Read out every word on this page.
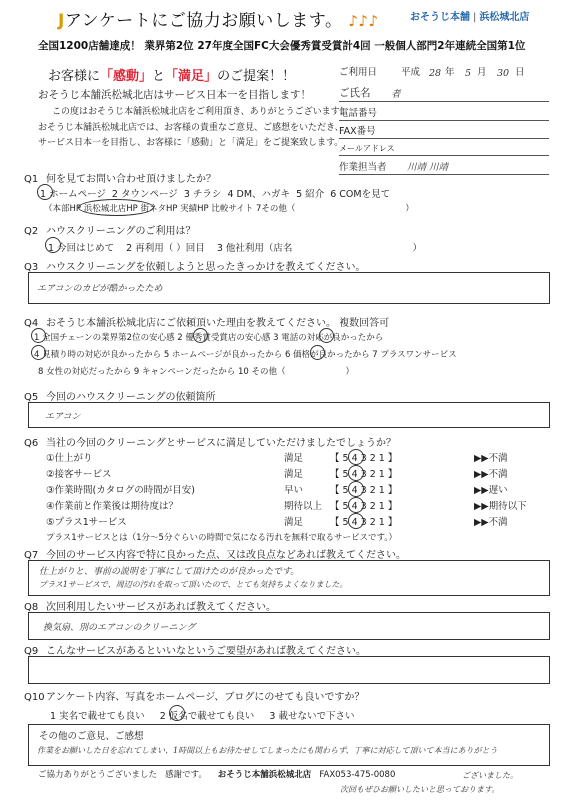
Jアンケートにご協力お願いします。 ♪♪♪	おそうじ本舗 | 浜松城北店
全国1200店舗達成！ 業界第2位 27年度全国FC大会優秀賞受賞計4回 一般個人部門2年連続全国第1位
お客様に「感動」と「満足」のご提案！！
おそうじ本舗浜松城北店はサービス日本一を目指します！
この度はおそうじ本舗浜松城北店をご利用頂き、ありがとうございます！
おそうじ本舗浜松城北店では、お客様の貴重なご意見、ご感想をいただき、
サービス日本一を目指し、お客様に「感動」と「満足」をご提案致します。
ご利用日	平成 28 年 5 月 30 日
ご氏名 者
電話番号
FAX番号
メールアドレス
作業担当者 川靖 川靖
Q1 何を見てお問い合わせ頂けましたか？
1 ホームページ 2 タウンページ 3 チラシ 4 DM、ハガキ 5 紹介 6 COMを見て
（本部HP 浜松城北店HP 街ネタHP 実績HP 比較サイト 7その他（	）
Q2 ハウスクリーニングのご利用は？
1 今回はじめて 2 再利用（ ）回目 3 他社利用（店名	）
Q3 ハウスクリーニングを依頼しようと思ったきっかけを教えてください。
エアコンのカビが酷かったため
Q4 おそうじ本舗浜松城北店にご依頼頂いた理由を教えてください。 複数回答可
1 全国チェーンの業界第2位の安心感 2 優秀賞受賞店の安心感 3 電話の対応が良かったから
4 見積り時の対応が良かったから 5 ホームページが良かったから 6 価格が良かったから 7 プラスワンサービス
8 女性の対応だったから 9 キャンペーンだったから 10 その他（	）
Q5 今回のハウスクリーニングの依頼箇所
エアコン
Q6 当社の今回のクリーニングとサービスに満足していただけましたでしょうか？
①仕上がり	満足	【 5 4 3 2 1 】	▶▶不満
②接客サービス	満足	【 5 4 3 2 1 】	▶▶不満
③作業時間(カタログの時間が目安)	早い	【 5 4 3 2 1 】	▶▶遅い
④作業前と作業後は期待度は？	期待以上 【 5 4 3 2 1 】	▶▶期待以下
⑤プラス1サービス	満足	【 5 4 3 2 1 】	▶▶不満
プラス1サービスとは（1分～5分ぐらいの時間で気になる汚れを無料で取るサービスです。）
Q7 今回のサービス内容で特に良かった点、又は改良点などあれば教えてください。
仕上がりと、事前の説明を丁寧にして頂けたのが良かったです。
プラス1サービスで、周辺の汚れを取って頂いたので、とても気持ちよくなりました。
Q8 次回利用したいサービスがあれば教えてください。
換気扇、別のエアコンのクリーニング
Q9 こんなサービスがあるといいなというご要望があれば教えてください。
Q10アンケート内容、写真をホームページ、ブログにのせても良いですか？
1 実名で載せても良い 2 仮名で載せても良い 3 載せないで下さい
その他のご意見、ご感想
作業をお願いした日を忘れてしまい、1時間以上もお待たせしてしまったにも関わらず、丁寧に対応して頂いて本当にありがとう
ご協力ありがとうございました 感謝です。 おそうじ本舗浜松城北店 FAX053-475-0080	ございました。
次回もぜひお願いしたいと思っております。
